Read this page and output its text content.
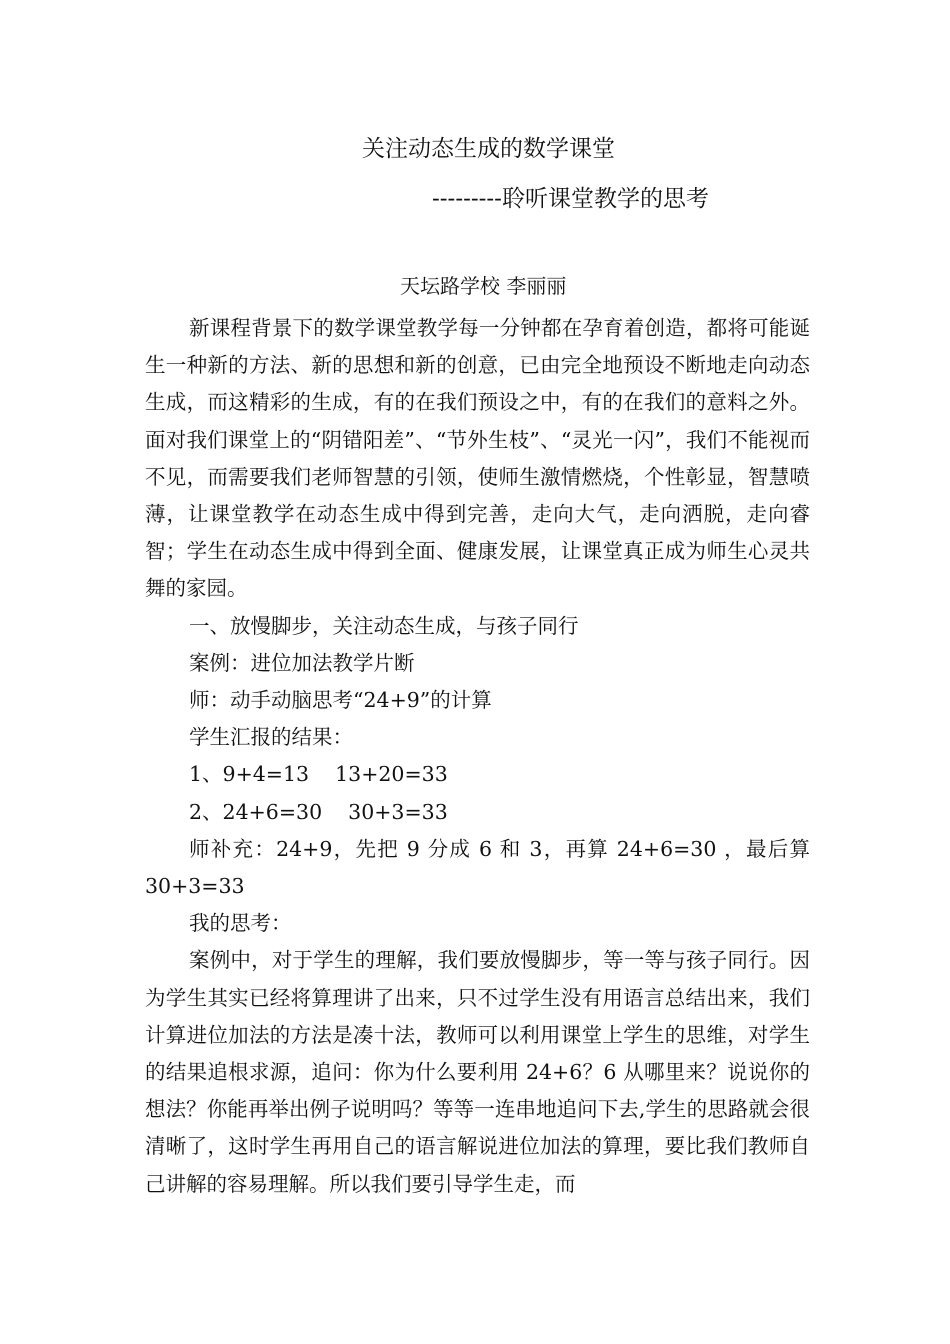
关注动态生成的数学课堂
---------聆听课堂教学的思考
天坛路学校 李丽丽

新课程背景下的数学课堂教学每一分钟都在孕育着创造，都将可能诞生一种新的方法、新的思想和新的创意，已由完全地预设不断地走向动态生成，而这精彩的生成，有的在我们预设之中，有的在我们的意料之外。面对我们课堂上的“阴错阳差”、“节外生枝”、“灵光一闪”，我们不能视而不见，而需要我们老师智慧的引领，使师生激情燃烧，个性彰显，智慧喷薄，让课堂教学在动态生成中得到完善，走向大气，走向洒脱，走向睿智；学生在动态生成中得到全面、健康发展，让课堂真正成为师生心灵共舞的家园。

一、放慢脚步，关注动态生成，与孩子同行

案例：进位加法教学片断

师：动手动脑思考“24+9”的计算

学生汇报的结果：

1、9+4=13    13+20=33

2、24+6=30    30+3=33

师补充：24+9，先把 9 分成 6 和 3，再算 24+6=30 ，最后算 30+3=33

我的思考：

案例中，对于学生的理解，我们要放慢脚步，等一等与孩子同行。因为学生其实已经将算理讲了出来，只不过学生没有用语言总结出来，我们计算进位加法的方法是凑十法，教师可以利用课堂上学生的思维，对学生的结果追根求源，追问：你为什么要利用 24+6？6 从哪里来？说说你的想法？你能再举出例子说明吗？等等一连串地追问下去,学生的思路就会很清晰了，这时学生再用自己的语言解说进位加法的算理，要比我们教师自己讲解的容易理解。所以我们要引导学生走，而
